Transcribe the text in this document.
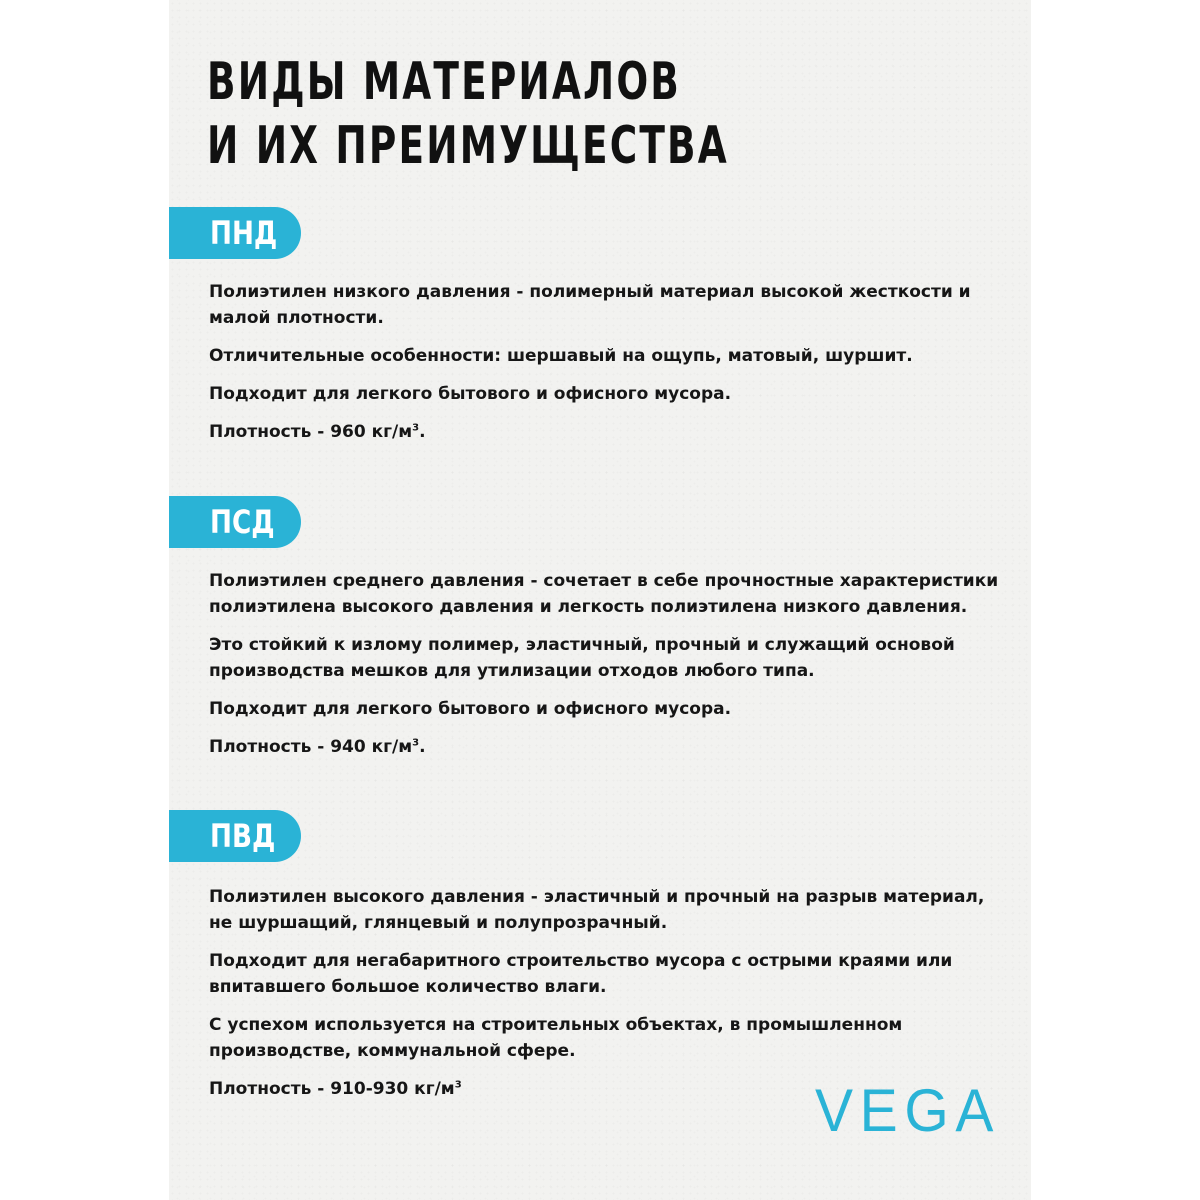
ВИДЫ МАТЕРИАЛОВ
И ИХ ПРЕИМУЩЕСТВА
ПНД

Полиэтилен низкого давления - полимерный материал высокой жесткости и малой плотности.

Отличительные особенности: шершавый на ощупь, матовый, шуршит.

Подходит для легкого бытового и офисного мусора.

Плотность - 960 $кг/м^3$.

ПСД

Полиэтилен среднего давления - сочетает в себе прочностные характеристики полиэтилена высокого давления и легкость полиэтилена низкого давления.

Это стойкий к излому полимер, эластичный, прочный и служащий основой производства мешков для утилизации отходов любого типа.

Подходит для легкого бытового и офисного мусора.

Плотность - 940 $кг/м^3$.

ПВД

Полиэтилен высокого давления - эластичный и прочный на разрыв материал, не шуршащий, глянцевый и полупрозрачный.

Подходит для негабаритного строительство мусора с острыми краями или впитавшего большое количество влаги.

С успехом используется на строительных объектах, в промышленном производстве, коммунальной сфере.

Плотность - 910-930 $кг/м^3$	VEGA
